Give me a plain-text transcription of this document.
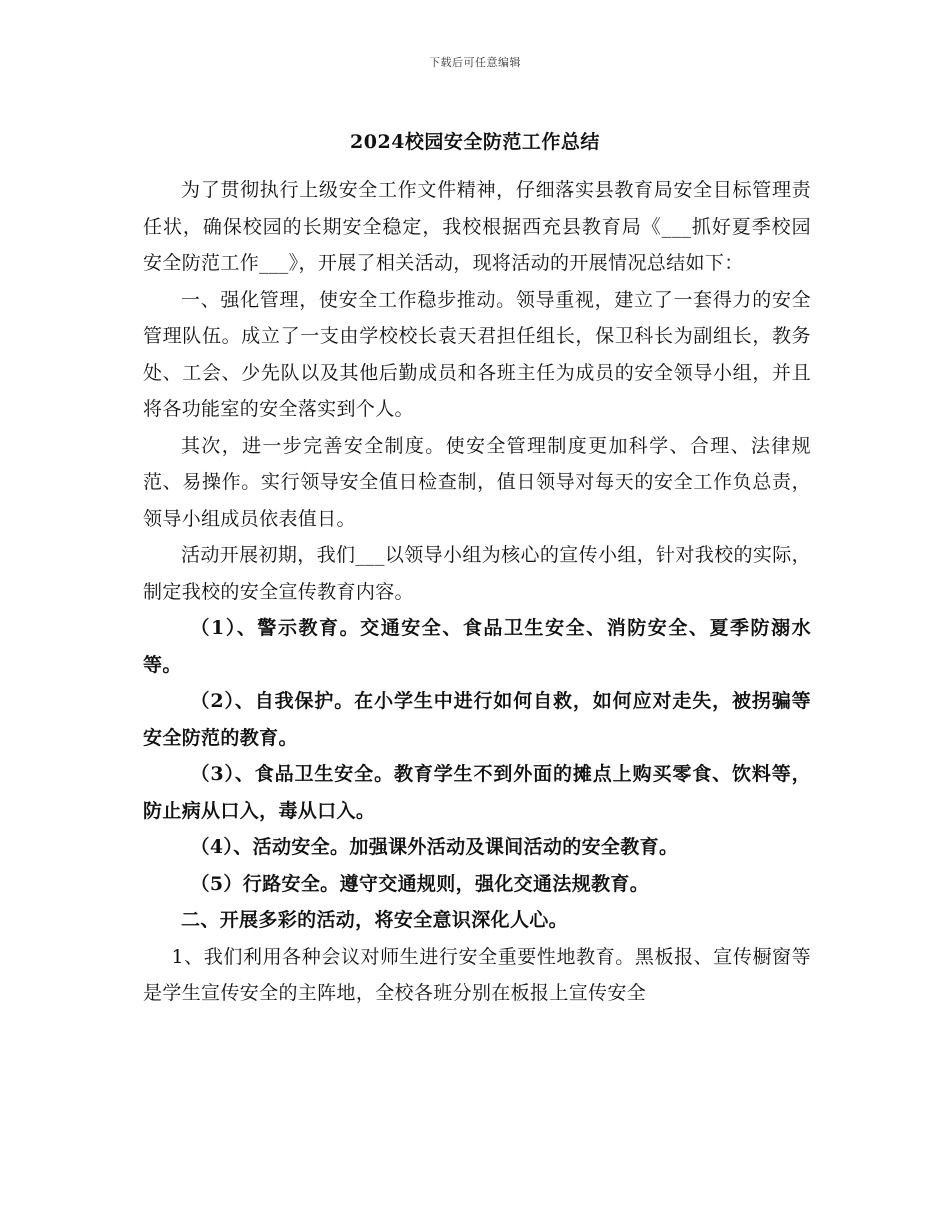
下载后可任意编辑
2024校园安全防范工作总结

为了贯彻执行上级安全工作文件精神，仔细落实县教育局安全目标管理责任状，确保校园的长期安全稳定，我校根据西充县教育局《___抓好夏季校园安全防范工作___》，开展了相关活动，现将活动的开展情况总结如下：

一、强化管理，使安全工作稳步推动。领导重视，建立了一套得力的安全管理队伍。成立了一支由学校校长袁天君担任组长，保卫科长为副组长，教务处、工会、少先队以及其他后勤成员和各班主任为成员的安全领导小组，并且将各功能室的安全落实到个人。

其次，进一步完善安全制度。使安全管理制度更加科学、合理、法律规范、易操作。实行领导安全值日检查制，值日领导对每天的安全工作负总责，领导小组成员依表值日。

活动开展初期，我们___以领导小组为核心的宣传小组，针对我校的实际，制定我校的安全宣传教育内容。

（1）、警示教育。交通安全、食品卫生安全、消防安全、夏季防溺水等。

（2）、自我保护。在小学生中进行如何自救，如何应对走失，被拐骗等安全防范的教育。

（3）、食品卫生安全。教育学生不到外面的摊点上购买零食、饮料等，防止病从口入，毒从口入。

（4）、活动安全。加强课外活动及课间活动的安全教育。

（5）行路安全。遵守交通规则，强化交通法规教育。

二、开展多彩的活动，将安全意识深化人心。

1、我们利用各种会议对师生进行安全重要性地教育。黑板报、宣传橱窗等是学生宣传安全的主阵地，全校各班分别在板报上宣传安全
